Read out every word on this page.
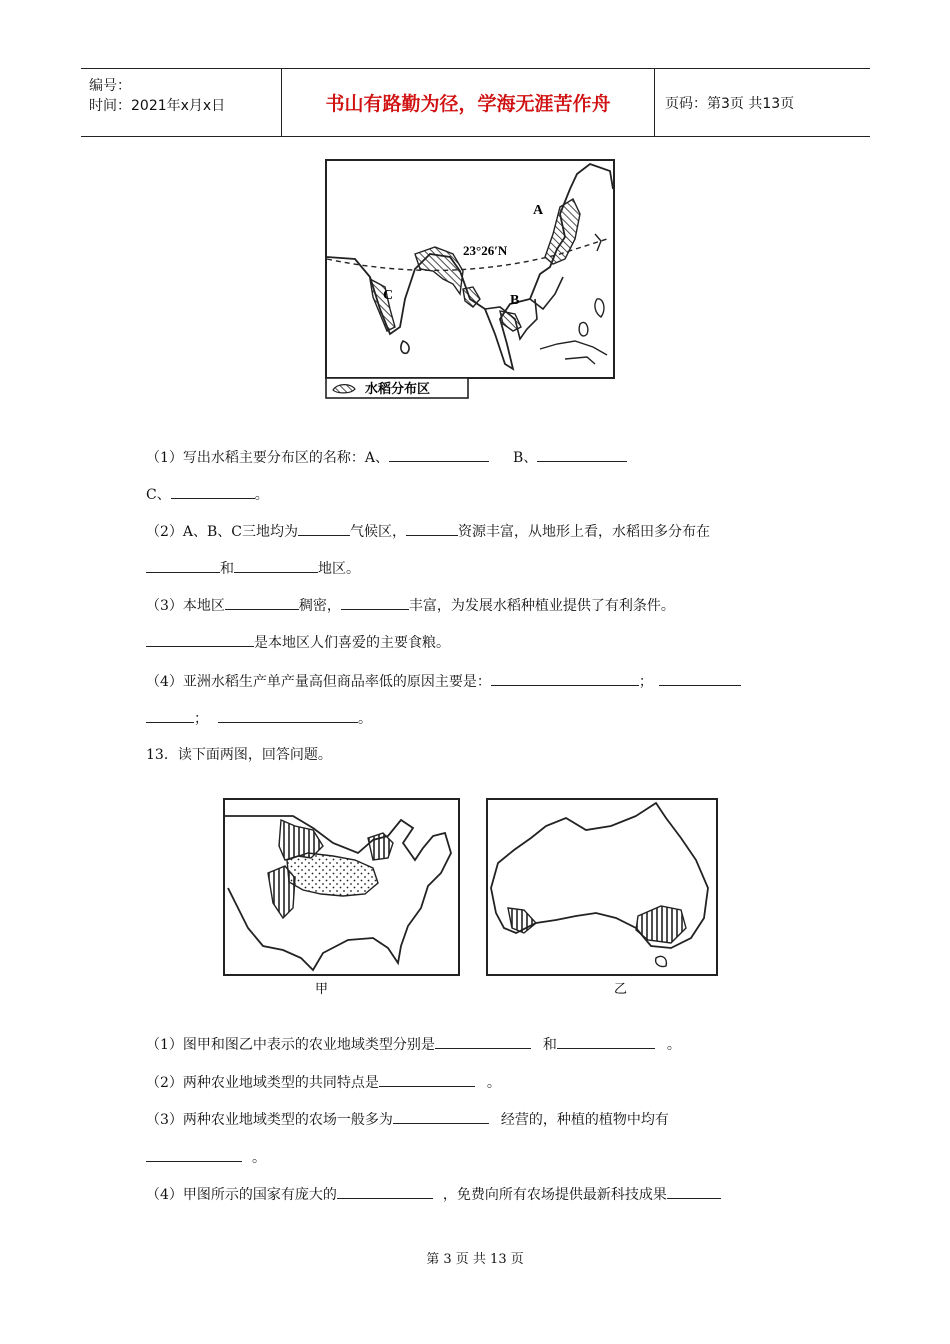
编号：
时间：2021年x月x日	书山有路勤为径，学海无涯苦作舟	页码：第3页 共13页
A
B
C
23°26′N
水稻分布区
（1）写出水稻主要分布区的名称：A、	B、
C、	。
（2）A、B、C三地均为	气候区，	资源丰富，从地形上看，水稻田多分布在
和	地区。
（3）本地区	稠密，	丰富，为发展水稻种植业提供了有利条件。
是本地区人们喜爱的主要食粮。
（4）亚洲水稻生产单产量高但商品率低的原因主要是：	；
；	。
13．读下面两图，回答问题。
甲	乙
（1）图甲和图乙中表示的农业地域类型分别是	和	。
（2）两种农业地域类型的共同特点是	。
（3）两种农业地域类型的农场一般多为	经营的，种植的植物中均有
。
（4）甲图所示的国家有庞大的	，免费向所有农场提供最新科技成果
第 3 页 共 13 页
